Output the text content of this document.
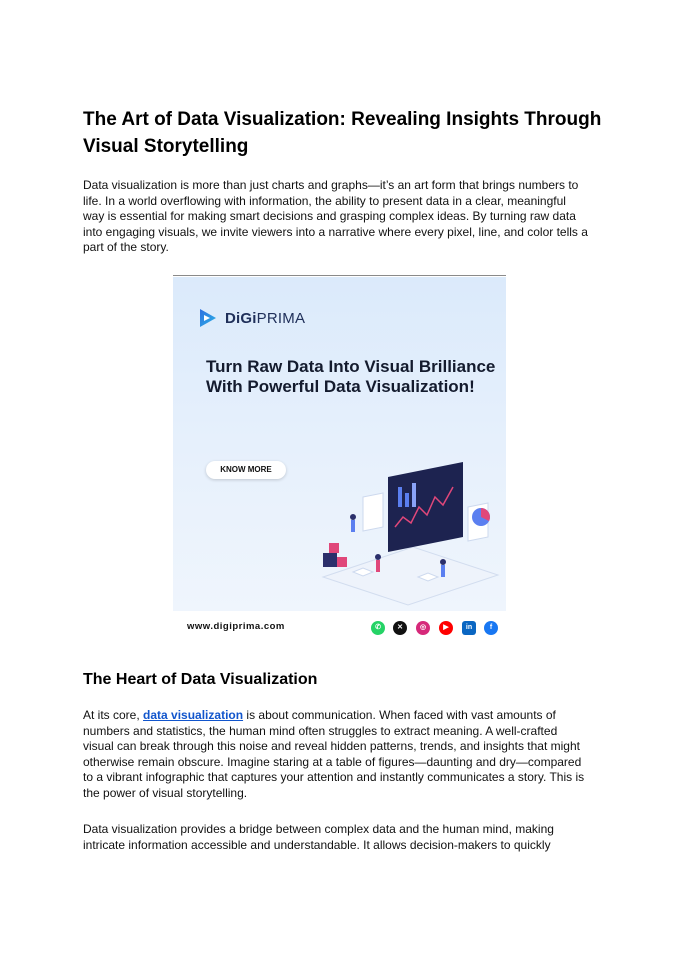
The Art of Data Visualization: Revealing Insights Through Visual Storytelling

Data visualization is more than just charts and graphs—it’s an art form that brings numbers to life. In a world overflowing with information, the ability to present data in a clear, meaningful way is essential for making smart decisions and grasping complex ideas. By turning raw data into engaging visuals, we invite viewers into a narrative where every pixel, line, and color tells a part of the story.

DiGiPRIMA

Turn Raw Data Into Visual Brilliance With Powerful Data Visualization!

KNOW MORE
www.digiprima.com	✆	✕	◎	▶	in	f
The Heart of Data Visualization

At its core, data visualization is about communication. When faced with vast amounts of numbers and statistics, the human mind often struggles to extract meaning. A well-crafted visual can break through this noise and reveal hidden patterns, trends, and insights that might otherwise remain obscure. Imagine staring at a table of figures—daunting and dry—compared to a vibrant infographic that captures your attention and instantly communicates a story. This is the power of visual storytelling.

Data visualization provides a bridge between complex data and the human mind, making intricate information accessible and understandable. It allows decision-makers to quickly
